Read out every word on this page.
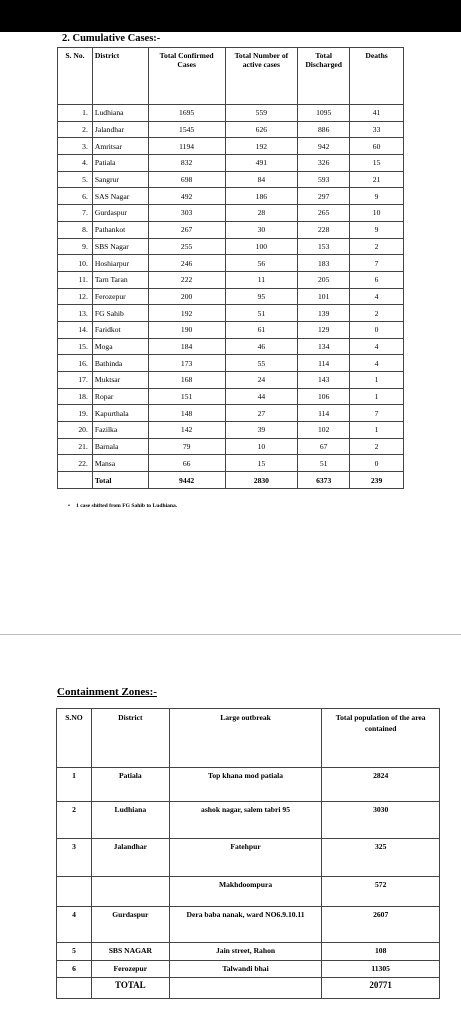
2. Cumulative Cases:-
S. No.	District	Total Confirmed Cases	Total Number of active cases	Total Discharged	Deaths
1.	Ludhiana	1695	559	1095	41
2.	Jalandhar	1545	626	886	33
3.	Amritsar	1194	192	942	60
4.	Patiala	832	491	326	15
5.	Sangrur	698	84	593	21
6.	SAS Nagar	492	186	297	9
7.	Gurdaspur	303	28	265	10
8.	Pathankot	267	30	228	9
9.	SBS Nagar	255	100	153	2
10.	Hoshiarpur	246	56	183	7
11.	Tarn Taran	222	11	205	6
12.	Ferozepur	200	95	101	4
13.	FG Sahib	192	51	139	2
14.	Faridkot	190	61	129	0
15.	Moga	184	46	134	4
16.	Bathinda	173	55	114	4
17.	Muktsar	168	24	143	1
18.	Ropar	151	44	106	1
19.	Kapurthala	148	27	114	7
20.	Fazilka	142	39	102	1
21.	Barnala	79	10	67	2
22.	Mansa	66	15	51	0
	Total	9442	2830	6373	239
• 1 case shifted from FG Sahib to Ludhiana.
Containment Zones:-
S.NO	District	Large outbreak	Total population of the area contained
1	Patiala	Top khana mod patiala	2824
2	Ludhiana	ashok nagar, salem tabri 95	3030
3	Jalandhar	Fatehpur	325
		Makhdoompura	572
4	Gurdaspur	Dera baba nanak, ward NO6.9.10.11	2607
5	SBS NAGAR	Jain street, Rahon	108
6	Ferozepur	Talwandi bhai	11305
	TOTAL		20771
